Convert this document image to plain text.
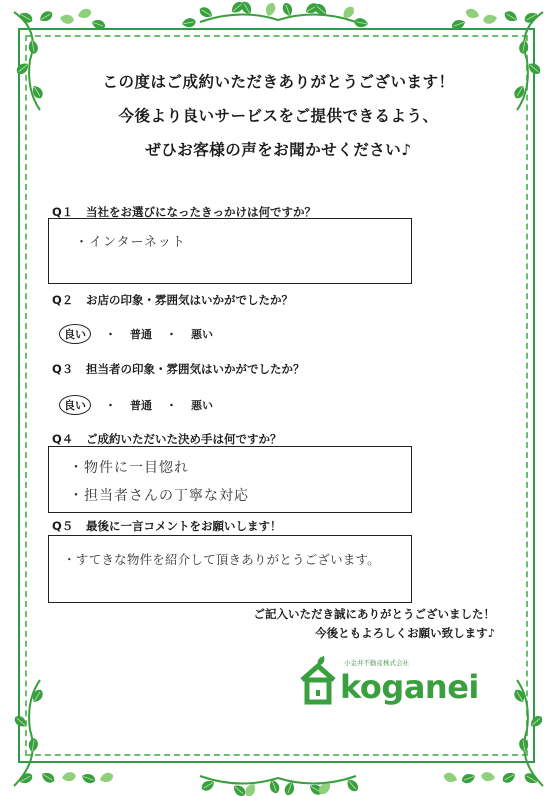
この度はご成約いただきありがとうございます！
今後より良いサービスをご提供できるよう、
ぜひお客様の声をお聞かせください♪
Q１ 当社をお選びになったきっかけは何ですか？
・インターネット
Q２ お店の印象・雰囲気はいかがでしたか？
良い ・ 普通 ・ 悪い
Q３ 担当者の印象・雰囲気はいかがでしたか？
良い ・ 普通 ・ 悪い
Q４ ご成約いただいた決め手は何ですか？
・物件に一目惚れ
・担当者さんの丁寧な対応
Q５ 最後に一言コメントをお願いします！
・すてきな物件を紹介して頂きありがとうございます。
ご記入いただき誠にありがとうございました！
今後ともよろしくお願い致します♪
小金井不動産株式会社
koganei
